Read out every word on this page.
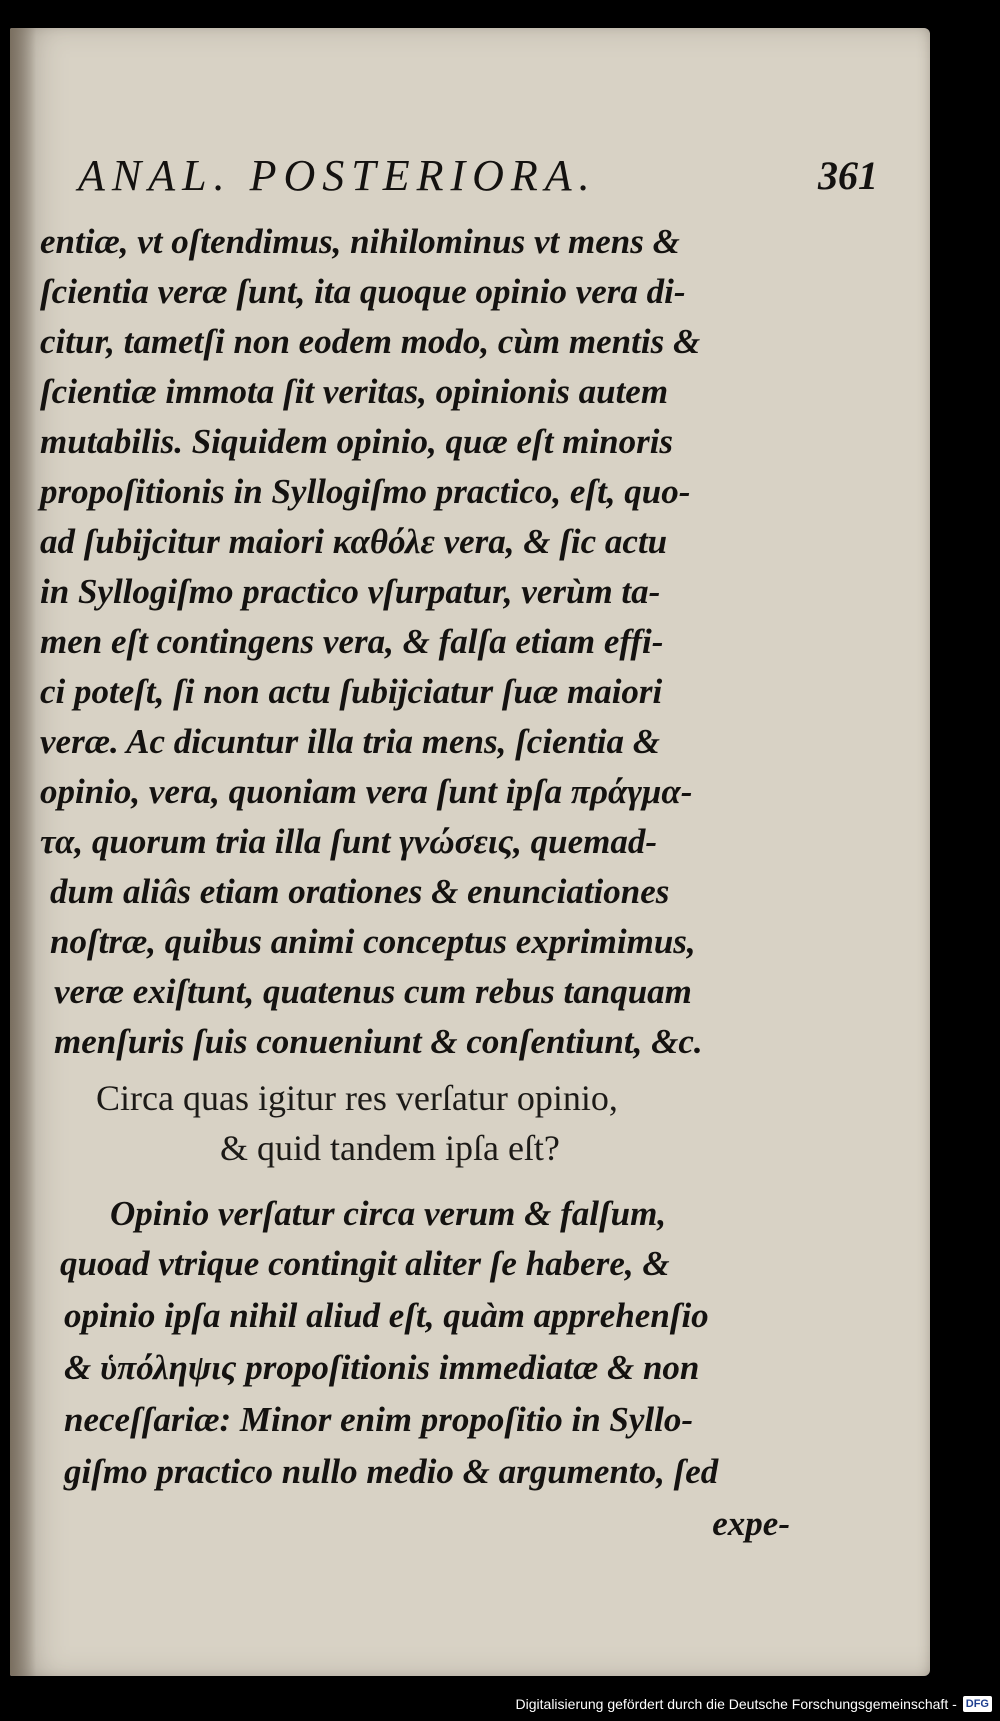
ANAL. POSTERIORA.	361
entiæ, vt oſtendimus, nihilominus vt mens &
ſcientia veræ ſunt, ita quoque opinio vera di-
citur, tametſi non eodem modo, cùm mentis &
ſcientiæ immota ſit veritas, opinionis autem
mutabilis. Siquidem opinio, quæ eſt minoris
propoſitionis in Syllogiſmo practico, eſt, quo-
ad ſubijcitur maiori καθόλε vera, & ſic actu
in Syllogiſmo practico vſurpatur, verùm ta-
men eſt contingens vera, & falſa etiam effi-
ci poteſt, ſi non actu ſubijciatur ſuæ maiori
veræ. Ac dicuntur illa tria mens, ſcientia &
opinio, vera, quoniam vera ſunt ipſa πράγμα-
τα, quorum tria illa ſunt γνώσεις, quemad-
dum aliâs etiam orationes & enunciationes
noſtræ, quibus animi conceptus exprimimus,
veræ exiſtunt, quatenus cum rebus tanquam
menſuris ſuis conueniunt & conſentiunt, &c.
Circa quas igitur res verſatur opinio,
& quid tandem ipſa eſt?
Opinio verſatur circa verum & falſum,
quoad vtrique contingit aliter ſe habere, &
opinio ipſa nihil aliud eſt, quàm apprehenſio
& ὑπόληψις propoſitionis immediatæ & non
neceſſariæ: Minor enim propoſitio in Syllo-
giſmo practico nullo medio & argumento, ſed
expe-
Digitalisierung gefördert durch die Deutsche Forschungsgemeinschaft - DFG
